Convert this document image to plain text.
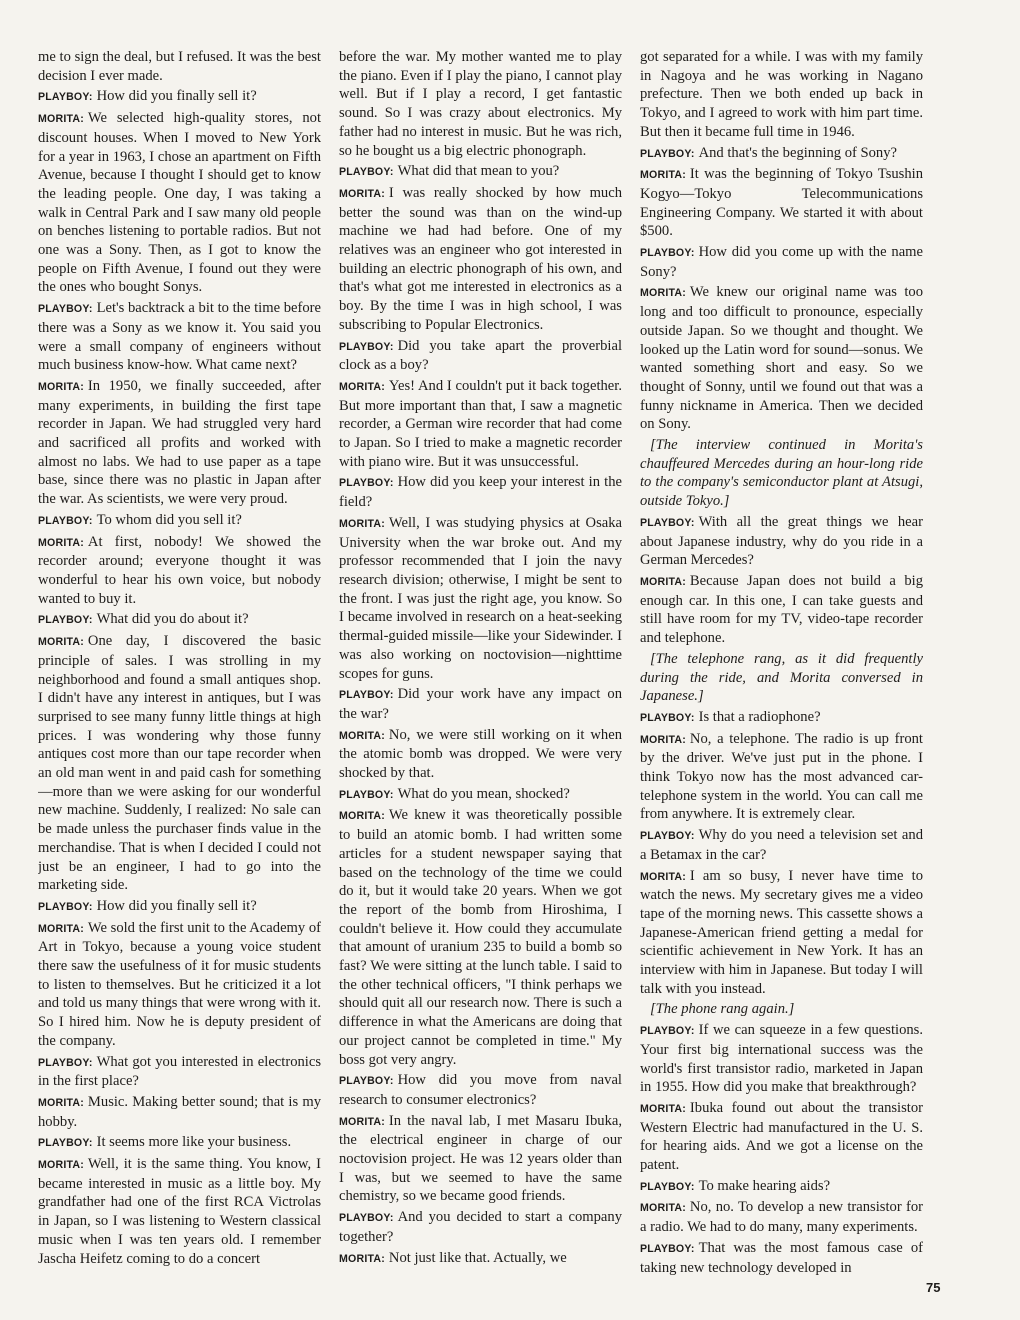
me to sign the deal, but I refused. It was the best decision I ever made.

PLAYBOY: How did you finally sell it?

MORITA: We selected high-quality stores, not discount houses. When I moved to New York for a year in 1963, I chose an apartment on Fifth Avenue, because I thought I should get to know the leading people. One day, I was taking a walk in Central Park and I saw many old people on benches listening to portable radios. But not one was a Sony. Then, as I got to know the people on Fifth Avenue, I found out they were the ones who bought Sonys.

PLAYBOY: Let's backtrack a bit to the time before there was a Sony as we know it. You said you were a small company of engineers without much business know-how. What came next?

MORITA: In 1950, we finally succeeded, after many experiments, in building the first tape recorder in Japan. We had struggled very hard and sacrificed all profits and worked with almost no labs. We had to use paper as a tape base, since there was no plastic in Japan after the war. As scientists, we were very proud.

PLAYBOY: To whom did you sell it?

MORITA: At first, nobody! We showed the recorder around; everyone thought it was wonderful to hear his own voice, but nobody wanted to buy it.

PLAYBOY: What did you do about it?

MORITA: One day, I discovered the basic principle of sales. I was strolling in my neighborhood and found a small antiques shop. I didn't have any interest in antiques, but I was surprised to see many funny little things at high prices. I was wondering why those funny antiques cost more than our tape recorder when an old man went in and paid cash for something—more than we were asking for our wonderful new machine. Suddenly, I realized: No sale can be made unless the purchaser finds value in the merchandise. That is when I decided I could not just be an engineer, I had to go into the marketing side.

PLAYBOY: How did you finally sell it?

MORITA: We sold the first unit to the Academy of Art in Tokyo, because a young voice student there saw the usefulness of it for music students to listen to themselves. But he criticized it a lot and told us many things that were wrong with it. So I hired him. Now he is deputy president of the company.

PLAYBOY: What got you interested in electronics in the first place?

MORITA: Music. Making better sound; that is my hobby.

PLAYBOY: It seems more like your business.

MORITA: Well, it is the same thing. You know, I became interested in music as a little boy. My grandfather had one of the first RCA Victrolas in Japan, so I was listening to Western classical music when I was ten years old. I remember Jascha Heifetz coming to do a concert

before the war. My mother wanted me to play the piano. Even if I play the piano, I cannot play well. But if I play a record, I get fantastic sound. So I was crazy about electronics. My father had no interest in music. But he was rich, so he bought us a big electric phonograph.

PLAYBOY: What did that mean to you?

MORITA: I was really shocked by how much better the sound was than on the wind-up machine we had had before. One of my relatives was an engineer who got interested in building an electric phonograph of his own, and that's what got me interested in electronics as a boy. By the time I was in high school, I was subscribing to Popular Electronics.

PLAYBOY: Did you take apart the proverbial clock as a boy?

MORITA: Yes! And I couldn't put it back together. But more important than that, I saw a magnetic recorder, a German wire recorder that had come to Japan. So I tried to make a magnetic recorder with piano wire. But it was unsuccessful.

PLAYBOY: How did you keep your interest in the field?

MORITA: Well, I was studying physics at Osaka University when the war broke out. And my professor recommended that I join the navy research division; otherwise, I might be sent to the front. I was just the right age, you know. So I became involved in research on a heat-seeking thermal-guided missile—like your Sidewinder. I was also working on noctovision—nighttime scopes for guns.

PLAYBOY: Did your work have any impact on the war?

MORITA: No, we were still working on it when the atomic bomb was dropped. We were very shocked by that.

PLAYBOY: What do you mean, shocked?

MORITA: We knew it was theoretically possible to build an atomic bomb. I had written some articles for a student newspaper saying that based on the technology of the time we could do it, but it would take 20 years. When we got the report of the bomb from Hiroshima, I couldn't believe it. How could they accumulate that amount of uranium 235 to build a bomb so fast? We were sitting at the lunch table. I said to the other technical officers, "I think perhaps we should quit all our research now. There is such a difference in what the Americans are doing that our project cannot be completed in time." My boss got very angry.

PLAYBOY: How did you move from naval research to consumer electronics?

MORITA: In the naval lab, I met Masaru Ibuka, the electrical engineer in charge of our noctovision project. He was 12 years older than I was, but we seemed to have the same chemistry, so we became good friends.

PLAYBOY: And you decided to start a company together?

MORITA: Not just like that. Actually, we

got separated for a while. I was with my family in Nagoya and he was working in Nagano prefecture. Then we both ended up back in Tokyo, and I agreed to work with him part time. But then it became full time in 1946.

PLAYBOY: And that's the beginning of Sony?

MORITA: It was the beginning of Tokyo Tsushin Kogyo—Tokyo Telecommunications Engineering Company. We started it with about $500.

PLAYBOY: How did you come up with the name Sony?

MORITA: We knew our original name was too long and too difficult to pronounce, especially outside Japan. So we thought and thought. We looked up the Latin word for sound—sonus. We wanted something short and easy. So we thought of Sonny, until we found out that was a funny nickname in America. Then we decided on Sony.

[The interview continued in Morita's chauffeured Mercedes during an hour-long ride to the company's semiconductor plant at Atsugi, outside Tokyo.]

PLAYBOY: With all the great things we hear about Japanese industry, why do you ride in a German Mercedes?

MORITA: Because Japan does not build a big enough car. In this one, I can take guests and still have room for my TV, video-tape recorder and telephone.

[The telephone rang, as it did frequently during the ride, and Morita conversed in Japanese.]

PLAYBOY: Is that a radiophone?

MORITA: No, a telephone. The radio is up front by the driver. We've just put in the phone. I think Tokyo now has the most advanced car-telephone system in the world. You can call me from anywhere. It is extremely clear.

PLAYBOY: Why do you need a television set and a Betamax in the car?

MORITA: I am so busy, I never have time to watch the news. My secretary gives me a video tape of the morning news. This cassette shows a Japanese-American friend getting a medal for scientific achievement in New York. It has an interview with him in Japanese. But today I will talk with you instead.

[The phone rang again.]

PLAYBOY: If we can squeeze in a few questions. Your first big international success was the world's first transistor radio, marketed in Japan in 1955. How did you make that breakthrough?

MORITA: Ibuka found out about the transistor Western Electric had manufactured in the U. S. for hearing aids. And we got a license on the patent.

PLAYBOY: To make hearing aids?

MORITA: No, no. To develop a new transistor for a radio. We had to do many, many experiments.

PLAYBOY: That was the most famous case of taking new technology developed in

75
